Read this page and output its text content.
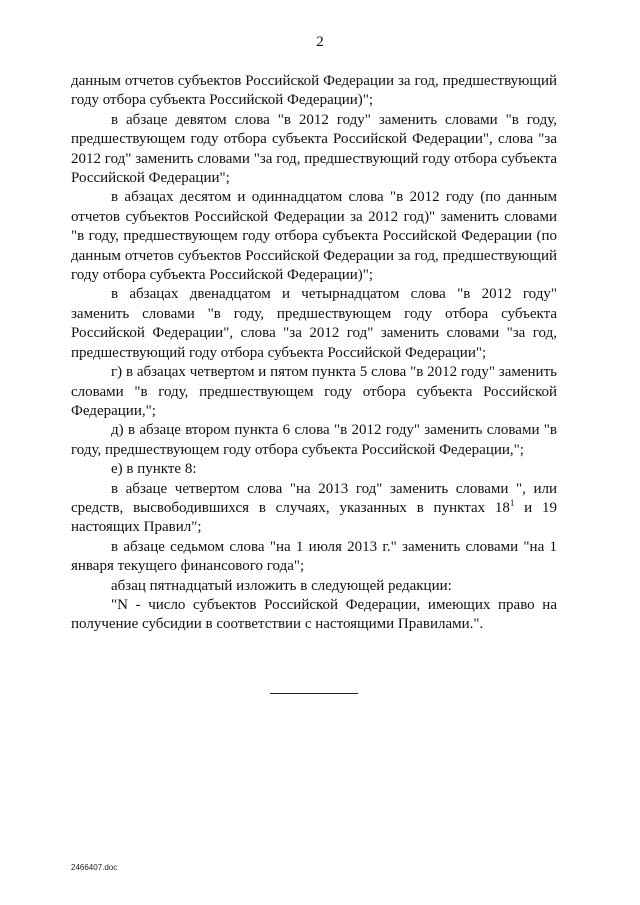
2

данным отчетов субъектов Российской Федерации за год, предшествующий году отбора субъекта Российской Федерации)";

в абзаце девятом слова "в 2012 году" заменить словами "в году, предшествующем году отбора субъекта Российской Федерации", слова "за 2012 год" заменить словами "за год, предшествующий году отбора субъекта Российской Федерации";

в абзацах десятом и одиннадцатом слова "в 2012 году (по данным отчетов субъектов Российской Федерации за 2012 год)" заменить словами "в году, предшествующем году отбора субъекта Российской Федерации (по данным отчетов субъектов Российской Федерации за год, предшествующий году отбора субъекта Российской Федерации)";

в абзацах двенадцатом и четырнадцатом слова "в 2012 году" заменить словами "в году, предшествующем году отбора субъекта Российской Федерации", слова "за 2012 год" заменить словами "за год, предшествующий году отбора субъекта Российской Федерации";

г) в абзацах четвертом и пятом пункта 5 слова "в 2012 году" заменить словами "в году, предшествующем году отбора субъекта Российской Федерации,";

д) в абзаце втором пункта 6 слова "в 2012 году" заменить словами "в году, предшествующем году отбора субъекта Российской Федерации,";

е) в пункте 8:

в абзаце четвертом слова "на 2013 год" заменить словами ", или средств, высвободившихся в случаях, указанных в пунктах $18^1$ и 19 настоящих Правил";

в абзаце седьмом слова "на 1 июля 2013 г." заменить словами "на 1 января текущего финансового года";

абзац пятнадцатый изложить в следующей редакции:

"N - число субъектов Российской Федерации, имеющих право на получение субсидии в соответствии с настоящими Правилами.".

2466407.doc
